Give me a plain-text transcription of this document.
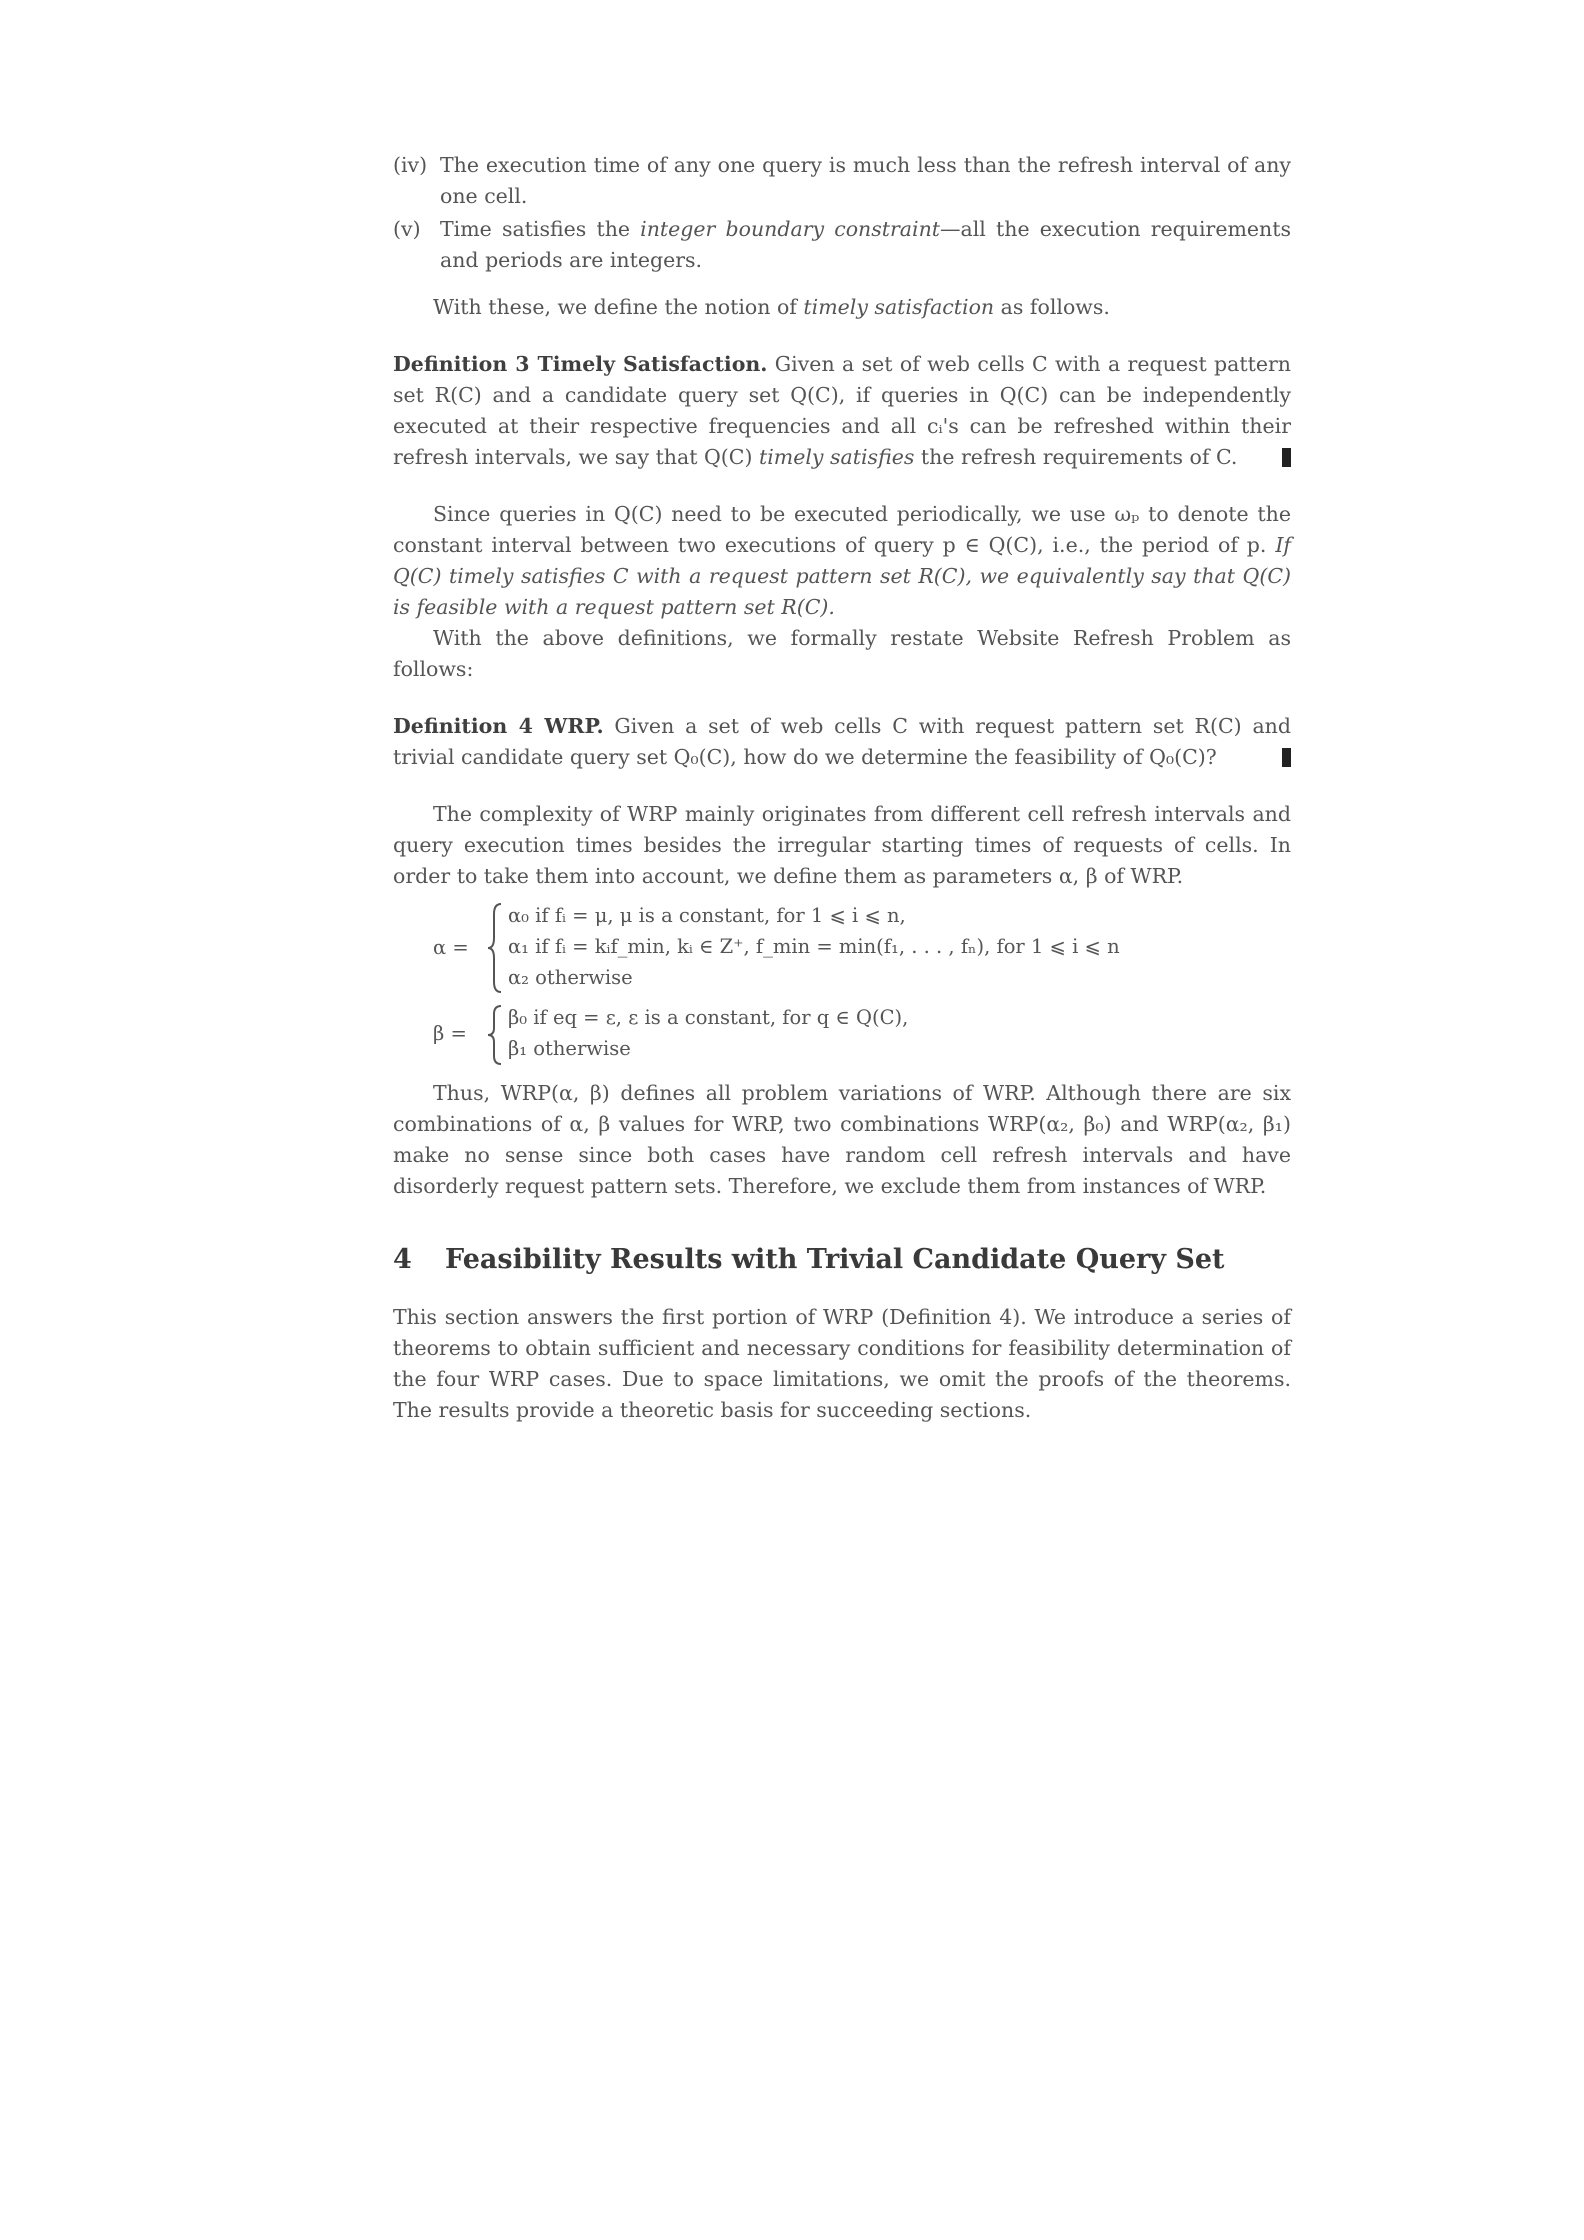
(iv) The execution time of any one query is much less than the refresh interval of any one cell.
(v) Time satisfies the integer boundary constraint—all the execution requirements and periods are integers.

With these, we define the notion of timely satisfaction as follows.

Definition 3 Timely Satisfaction. Given a set of web cells C with a request pattern set R(C) and a candidate query set Q(C), if queries in Q(C) can be independently executed at their respective frequencies and all cᵢ's can be refreshed within their refresh intervals, we say that Q(C) timely satisfies the refresh requirements of C.

Since queries in Q(C) need to be executed periodically, we use ωₚ to denote the constant interval between two executions of query p ∈ Q(C), i.e., the period of p. If Q(C) timely satisfies C with a request pattern set R(C), we equivalently say that Q(C) is feasible with a request pattern set R(C).

With the above definitions, we formally restate Website Refresh Problem as follows:

Definition 4 WRP. Given a set of web cells C with request pattern set R(C) and trivial candidate query set Q₀(C), how do we determine the feasibility of Q₀(C)?

The complexity of WRP mainly originates from different cell refresh intervals and query execution times besides the irregular starting times of requests of cells. In order to take them into account, we define them as parameters α, β of WRP.

α =
α₀ if fᵢ = μ, μ is a constant, for 1 ⩽ i ⩽ n,
α₁ if fᵢ = kᵢf_min, kᵢ ∈ Z⁺, f_min = min(f₁, . . . , fₙ), for 1 ⩽ i ⩽ n
α₂ otherwise
β =
β₀ if eq = ε, ε is a constant, for q ∈ Q(C),
β₁ otherwise

Thus, WRP(α, β) defines all problem variations of WRP. Although there are six combinations of α, β values for WRP, two combinations WRP(α₂, β₀) and WRP(α₂, β₁) make no sense since both cases have random cell refresh intervals and have disorderly request pattern sets. Therefore, we exclude them from instances of WRP.

4 Feasibility Results with Trivial Candidate Query Set

This section answers the first portion of WRP (Definition 4). We introduce a series of theorems to obtain sufficient and necessary conditions for feasibility determination of the four WRP cases. Due to space limitations, we omit the proofs of the theorems. The results provide a theoretic basis for succeeding sections.
